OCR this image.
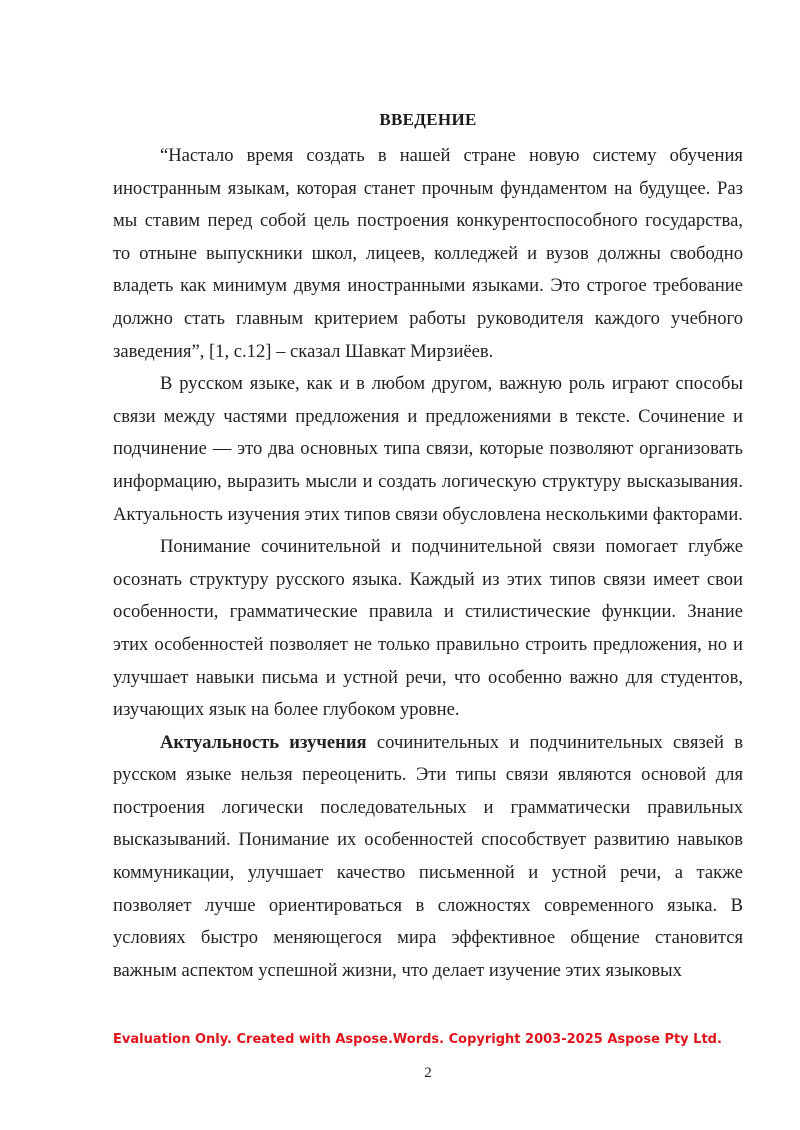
ВВЕДЕНИЕ

“Настало время создать в нашей стране новую систему обучения иностранным языкам, которая станет прочным фундаментом на будущее. Раз мы ставим перед собой цель построения конкурентоспособного государства, то отныне выпускники школ, лицеев, колледжей и вузов должны свободно владеть как минимум двумя иностранными языками. Это строгое требование должно стать главным критерием работы руководителя каждого учебного заведения”, [1, с.12] – сказал Шавкат Мирзиёев.

В русском языке, как и в любом другом, важную роль играют способы связи между частями предложения и предложениями в тексте. Сочинение и подчинение — это два основных типа связи, которые позволяют организовать информацию, выразить мысли и создать логическую структуру высказывания. Актуальность изучения этих типов связи обусловлена несколькими факторами.

Понимание сочинительной и подчинительной связи помогает глубже осознать структуру русского языка. Каждый из этих типов связи имеет свои особенности, грамматические правила и стилистические функции. Знание этих особенностей позволяет не только правильно строить предложения, но и улучшает навыки письма и устной речи, что особенно важно для студентов, изучающих язык на более глубоком уровне.

Актуальность изучения сочинительных и подчинительных связей в русском языке нельзя переоценить. Эти типы связи являются основой для построения логически последовательных и грамматически правильных высказываний. Понимание их особенностей способствует развитию навыков коммуникации, улучшает качество письменной и устной речи, а также позволяет лучше ориентироваться в сложностях современного языка. В условиях быстро меняющегося мира эффективное общение становится важным аспектом успешной жизни, что делает изучение этих языковых

Evaluation Only. Created with Aspose.Words. Copyright 2003-2025 Aspose Pty Ltd.
2
